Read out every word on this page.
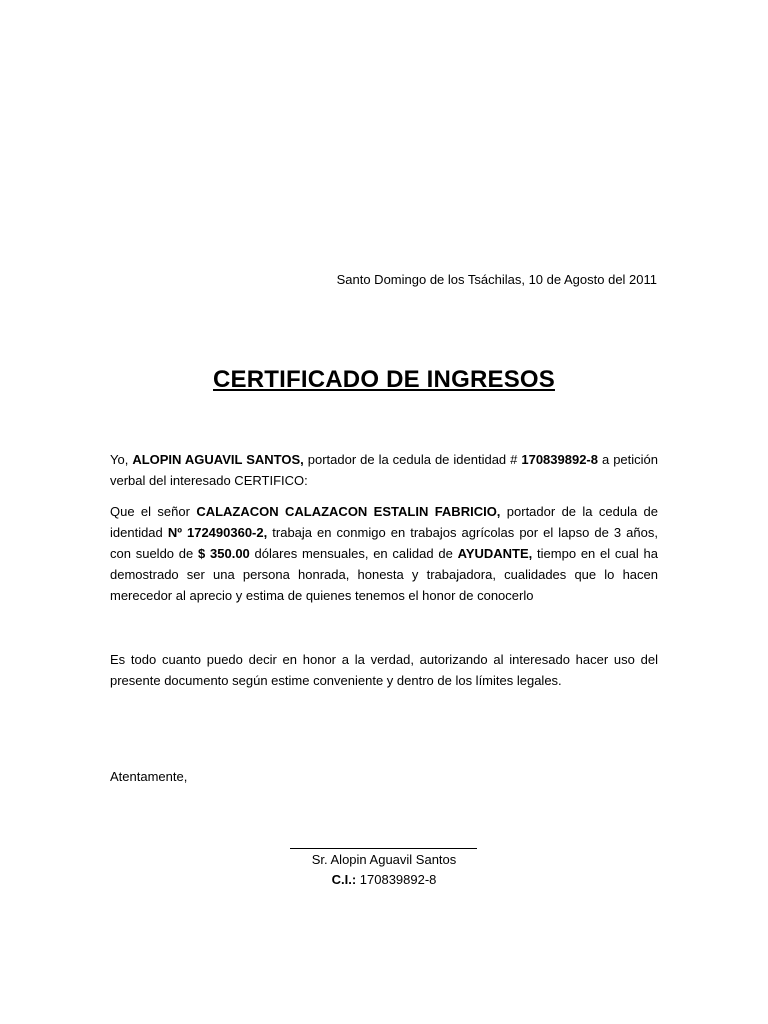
Santo Domingo de los Tsáchilas, 10 de Agosto del 2011
CERTIFICADO DE INGRESOS

Yo, ALOPIN AGUAVIL SANTOS, portador de la cedula de identidad # 170839892-8 a petición verbal del interesado CERTIFICO:

Que el señor CALAZACON CALAZACON ESTALIN FABRICIO, portador de la cedula de identidad Nº 172490360-2, trabaja en conmigo en trabajos agrícolas por el lapso de 3 años, con sueldo de $ 350.00 dólares mensuales, en calidad de AYUDANTE, tiempo en el cual ha demostrado ser una persona honrada, honesta y trabajadora, cualidades que lo hacen merecedor al aprecio y estima de quienes tenemos el honor de conocerlo

Es todo cuanto puedo decir en honor a la verdad, autorizando al interesado hacer uso del presente documento según estime conveniente y dentro de los límites legales.

Atentamente,
Sr. Alopin Aguavil Santos
C.I.: 170839892-8
